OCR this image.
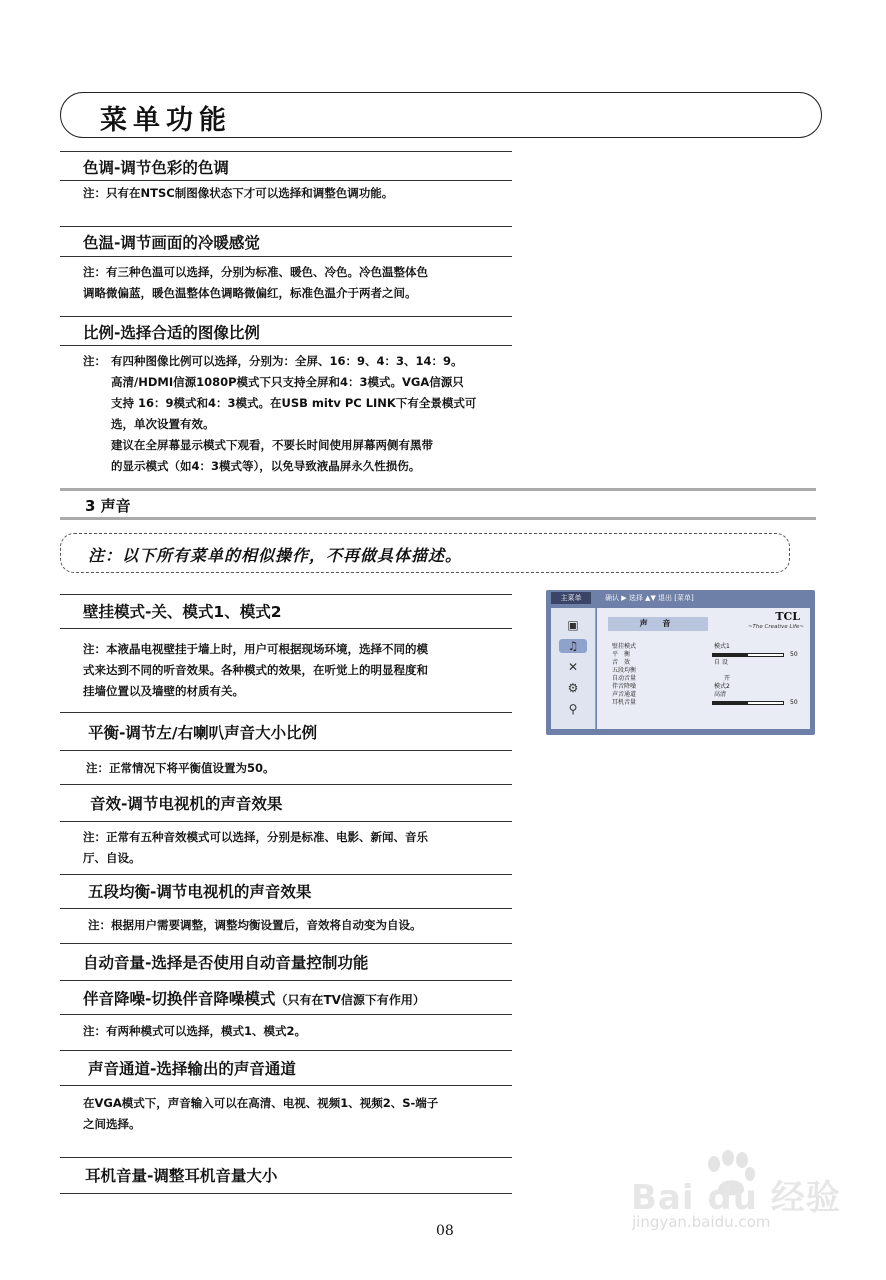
菜单功能
色调-调节色彩的色调

注：只有在NTSC制图像状态下才可以选择和调整色调功能。

色温-调节画面的冷暖感觉

注：有三种色温可以选择，分别为标准、暖色、冷色。冷色温整体色

调略微偏蓝，暖色温整体色调略微偏红，标准色温介于两者之间。

比例-选择合适的图像比例
注： 有四种图像比例可以选择，分别为：全屏、16：9、4：3、14：9。
高清/HDMI信源1080P模式下只支持全屏和4：3模式。VGA信源只
支持 16：9模式和4：3模式。在USB mitv PC LINK下有全景模式可
选，单次设置有效。
建议在全屏幕显示模式下观看，不要长时间使用屏幕两侧有黑带
的显示模式（如4：3模式等），以免导致液晶屏永久性损伤。
3 声音
注：以下所有菜单的相似操作，不再做具体描述。
壁挂模式-关、模式1、模式2

注：本液晶电视壁挂于墙上时，用户可根据现场环境，选择不同的模

式来达到不同的听音效果。各种模式的效果，在听觉上的明显程度和

挂墙位置以及墙壁的材质有关。

平衡-调节左/右喇叭声音大小比例

注：正常情况下将平衡值设置为50。

音效-调节电视机的声音效果

注：正常有五种音效模式可以选择，分别是标准、电影、新闻、音乐

厅、自设。

五段均衡-调节电视机的声音效果

注：根据用户需要调整，调整均衡设置后，音效将自动变为自设。

自动音量-选择是否使用自动音量控制功能
伴音降噪-切换伴音降噪模式（只有在TV信源下有作用）

注：有两种模式可以选择，模式1、模式2。

声音通道-选择输出的声音通道

在VGA模式下，声音输入可以在高清、电视、视频1、视频2、S-端子

之间选择。

耳机音量-调整耳机音量大小
主菜单	确认 ▶ 选择 ▲▼ 退出 [菜单]
▣
♫
✕
⚙
⚲
TCL
~The Creative Life~
声 音
壁挂模式	模式1
平　衡	50
音　效	自 设
五段均衡
自动音量	开
伴音降噪	模式2
声音通道	高清
耳机音量	50
08
Bai du 经验
jingyan.baidu.com
